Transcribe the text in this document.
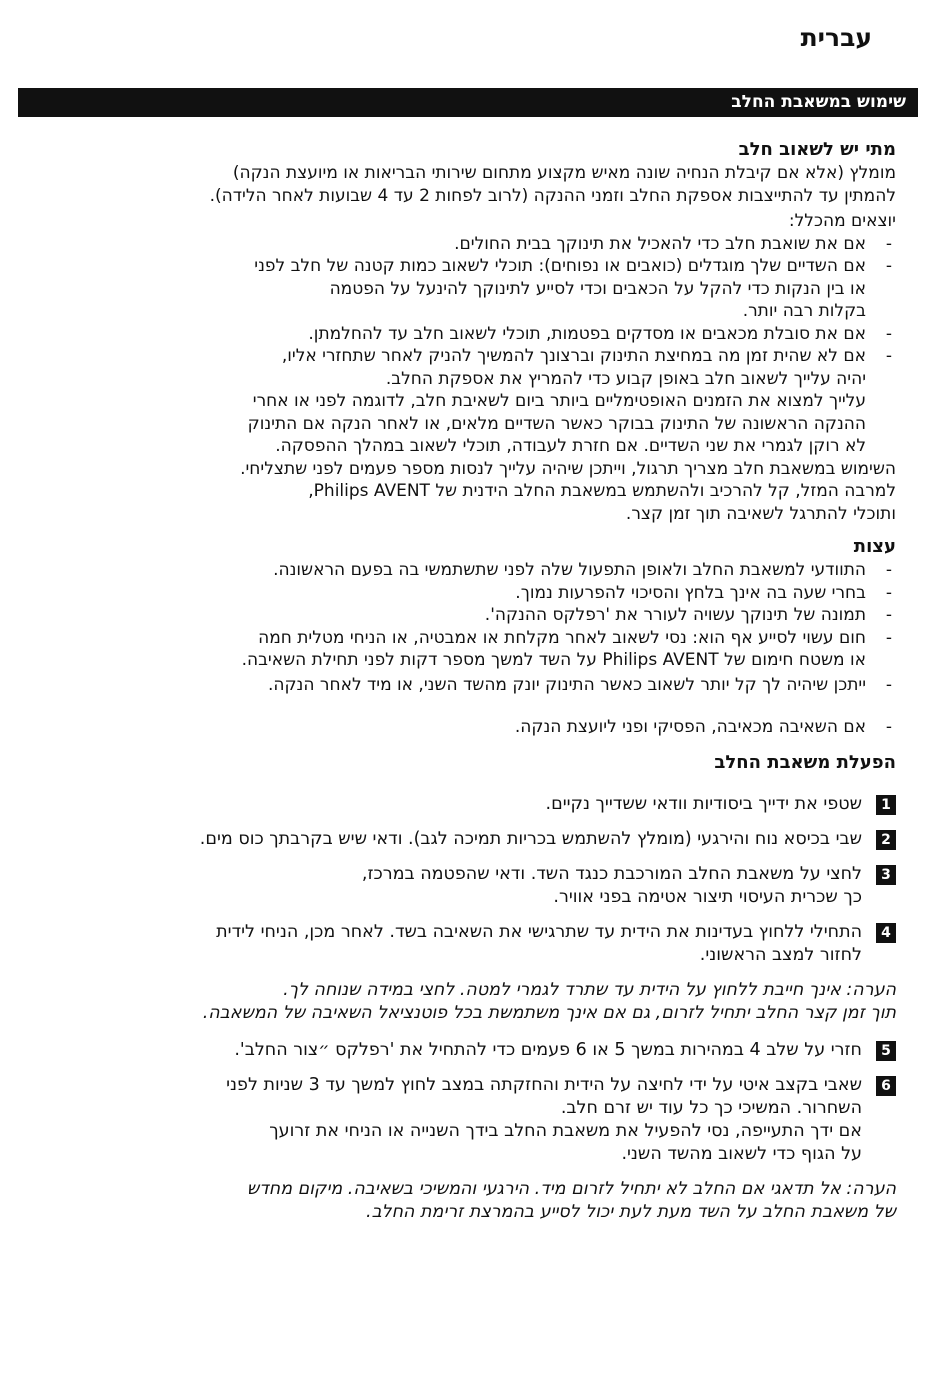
עברית
שימוש במשאבת החלב
מתי יש לשאוב חלב
מומלץ (אלא אם קיבלת הנחיה שונה מאיש מקצוע מתחום שירותי הבריאות או מיועצת הנקה)
להמתין עד להתייצבות אספקת החלב וזמני ההנקה (לרוב לפחות 2 עד 4 שבועות לאחר הלידה).
יוצאים מהכלל:
-
אם את שואבת חלב כדי להאכיל את תינוקך בבית החולים.
-
אם השדיים שלך מוגדלים (כואבים או נפוחים): תוכלי לשאוב כמות קטנה של חלב לפני
או בין הנקות כדי להקל על הכאבים וכדי לסייע לתינוקך להינעל על הפטמה
בקלות רבה יותר.
-
אם את סובלת מכאבים או מסדקים בפטמות, תוכלי לשאוב חלב עד להחלמתן.
-
אם לא שהית זמן מה במחיצת התינוק וברצונך להמשיך להניק לאחר שתחזרי אליו,
יהיה עלייך לשאוב חלב באופן קבוע כדי להמריץ את אספקת החלב.
עלייך למצוא את הזמנים האופטימליים ביותר ביום לשאיבת חלב, לדוגמה לפני או אחרי
ההנקה הראשונה של התינוק בבוקר כאשר השדיים מלאים, או לאחר הנקה אם התינוק
לא רוקן לגמרי את שני השדיים. אם חזרת לעבודה, תוכלי לשאוב במהלך ההפסקה.
השימוש במשאבת חלב מצריך תרגול, וייתכן שיהיה עלייך לנסות מספר פעמים לפני שתצליחי.
למרבה המזל, קל להרכיב ולהשתמש במשאבת החלב הידנית של Philips AVENT,
ותוכלי להתרגל לשאיבה תוך זמן קצר.
עצות
-
התוודעי למשאבת החלב ולאופן התפעול שלה לפני שתשתמשי בה בפעם הראשונה.
-
בחרי שעה בה אינך בלחץ והסיכוי להפרעות נמוך.
-
תמונה של תינוקך עשויה לעורר את 'רפלקס ההנקה'.
-
חום עשוי לסייע אף הוא: נסי לשאוב לאחר מקלחת או אמבטיה, או הניחי מטלית חמה
או משטח חימום של Philips AVENT על השד למשך מספר דקות לפני תחילת השאיבה.
-
ייתכן שיהיה לך קל יותר לשאוב כאשר התינוק יונק מהשד השני, או מיד לאחר הנקה.
-
אם השאיבה מכאיבה, הפסיקי ופני ליועצת הנקה.
הפעלת משאבת החלב
1
שטפי את ידייך ביסודיות וודאי ששדייך נקיים.
2
שבי בכיסא נוח והירגעי (מומלץ להשתמש בכריות תמיכה לגב). ודאי שיש בקרבתך כוס מים.
3
לחצי על משאבת החלב המורכבת כנגד השד. ודאי שהפטמה במרכז,
כך שכרית העיסוי תיצור אטימה בפני אוויר.
4
התחילי ללחוץ בעדינות את הידית עד שתרגישי את השאיבה בשד. לאחר מכן, הניחי לידית
לחזור למצב הראשוני.
הערה: אינך חייבת ללחוץ על הידית עד שתרד לגמרי למטה. לחצי במידה שנוחה לך.
תוך זמן קצר החלב יתחיל לזרום, גם אם אינך משתמשת בכל פוטנציאל השאיבה של המשאבה.
5
חזרי על שלב 4 במהירות במשך 5 או 6 פעמים כדי להתחיל את 'רפלקס ״צור החלב'.
6
שאבי בקצב איטי על ידי לחיצה על הידית והחזקתה במצב לחוץ למשך עד 3 שניות לפני
השחרור. המשיכי כך כל עוד יש זרם חלב.
אם ידך התעייפה, נסי להפעיל את משאבת החלב בידך השנייה או הניחי את זרועך
על הגוף כדי לשאוב מהשד השני.
הערה: אל תדאגי אם החלב לא יתחיל לזרום מיד. הירגעי והמשיכי בשאיבה. מיקום מחדש
של משאבת החלב על השד מעת לעת יכול לסייע בהמרצת זרימת החלב.
